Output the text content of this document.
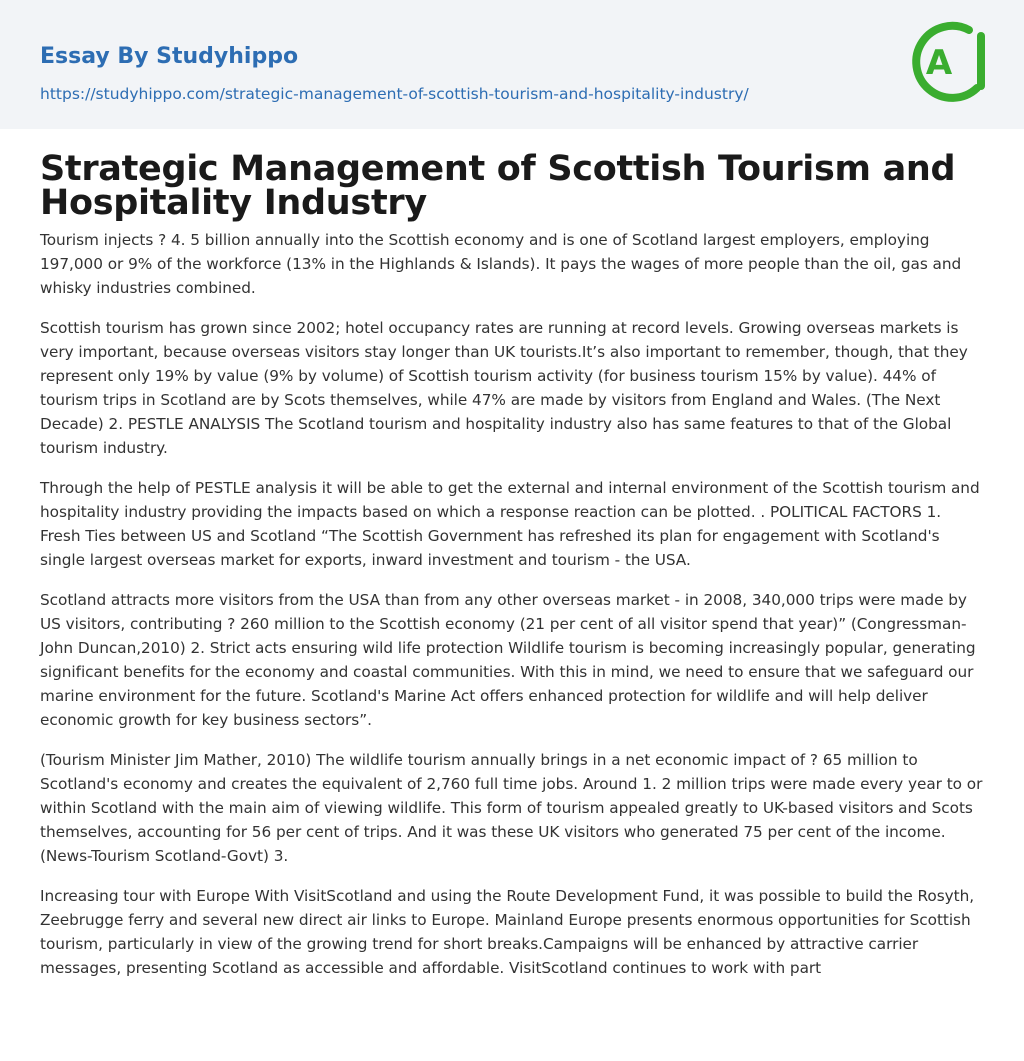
Essay By Studyhippo
https://studyhippo.com/strategic-management-of-scottish-tourism-and-hospitality-industry/
A
Strategic Management of Scottish Tourism and Hospitality Industry

Tourism injects ? 4. 5 billion annually into the Scottish economy and is one of Scotland largest employers, employing 197,000 or 9% of the workforce (13% in the Highlands & Islands). It pays the wages of more people than the oil, gas and whisky industries combined.

Scottish tourism has grown since 2002; hotel occupancy rates are running at record levels. Growing overseas markets is very important, because overseas visitors stay longer than UK tourists.It’s also important to remember, though, that they represent only 19% by value (9% by volume) of Scottish tourism activity (for business tourism 15% by value). 44% of tourism trips in Scotland are by Scots themselves, while 47% are made by visitors from England and Wales. (The Next Decade) 2. PESTLE ANALYSIS The Scotland tourism and hospitality industry also has same features to that of the Global tourism industry.

Through the help of PESTLE analysis it will be able to get the external and internal environment of the Scottish tourism and hospitality industry providing the impacts based on which a response reaction can be plotted. . POLITICAL FACTORS 1. Fresh Ties between US and Scotland “The Scottish Government has refreshed its plan for engagement with Scotland's single largest overseas market for exports, inward investment and tourism - the USA.

Scotland attracts more visitors from the USA than from any other overseas market - in 2008, 340,000 trips were made by US visitors, contributing ? 260 million to the Scottish economy (21 per cent of all visitor spend that year)” (Congressman-John Duncan,2010) 2. Strict acts ensuring wild life protection Wildlife tourism is becoming increasingly popular, generating significant benefits for the economy and coastal communities. With this in mind, we need to ensure that we safeguard our marine environment for the future. Scotland's Marine Act offers enhanced protection for wildlife and will help deliver economic growth for key business sectors”.

(Tourism Minister Jim Mather, 2010) The wildlife tourism annually brings in a net economic impact of ? 65 million to Scotland's economy and creates the equivalent of 2,760 full time jobs. Around 1. 2 million trips were made every year to or within Scotland with the main aim of viewing wildlife. This form of tourism appealed greatly to UK-based visitors and Scots themselves, accounting for 56 per cent of trips. And it was these UK visitors who generated 75 per cent of the income. (News-Tourism Scotland-Govt) 3.

Increasing tour with Europe With VisitScotland and using the Route Development Fund, it was possible to build the Rosyth, Zeebrugge ferry and several new direct air links to Europe. Mainland Europe presents enormous opportunities for Scottish tourism, particularly in view of the growing trend for short breaks.Campaigns will be enhanced by attractive carrier messages, presenting Scotland as accessible and affordable. VisitScotland continues to work with part
